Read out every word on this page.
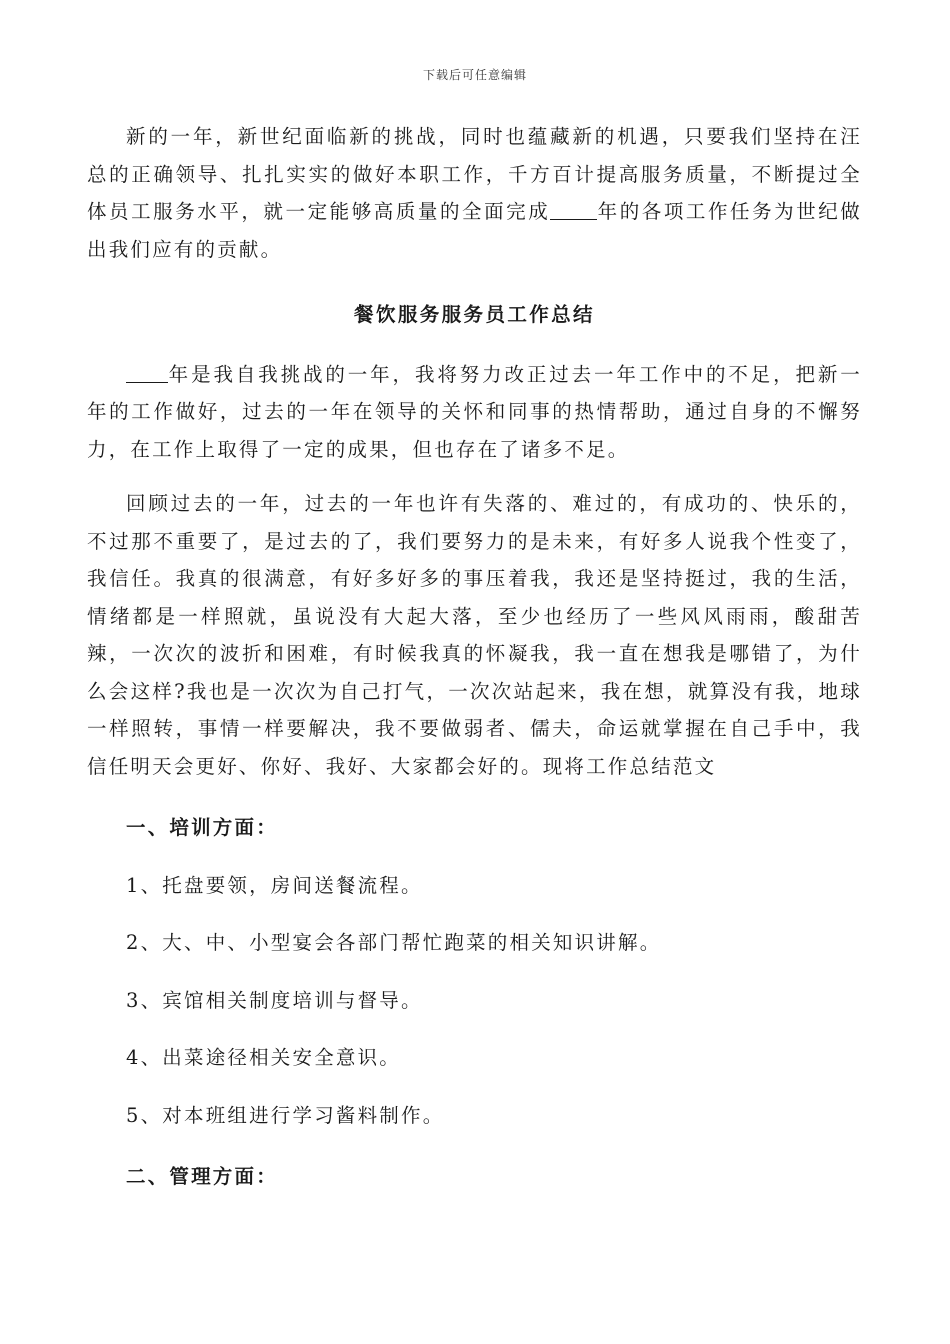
下载后可任意编辑

新的一年，新世纪面临新的挑战，同时也蕴藏新的机遇，只要我们坚持在汪总的正确领导、扎扎实实的做好本职工作，千方百计提高服务质量，不断提过全体员工服务水平，就一定能够高质量的全面完成 年的各项工作任务为世纪做出我们应有的贡献。

餐饮服务服务员工作总结

年是我自我挑战的一年，我将努力改正过去一年工作中的不足，把新一年的工作做好，过去的一年在领导的关怀和同事的热情帮助，通过自身的不懈努力，在工作上取得了一定的成果，但也存在了诸多不足。

回顾过去的一年，过去的一年也许有失落的、难过的，有成功的、快乐的，不过那不重要了，是过去的了，我们要努力的是未来，有好多人说我个性变了，我信任。我真的很满意，有好多好多的事压着我，我还是坚持挺过，我的生活，情绪都是一样照就，虽说没有大起大落，至少也经历了一些风风雨雨，酸甜苦辣，一次次的波折和困难，有时候我真的怀凝我，我一直在想我是哪错了，为什么会这样?我也是一次次为自己打气，一次次站起来，我在想，就算没有我，地球一样照转，事情一样要解决，我不要做弱者、儒夫，命运就掌握在自己手中，我信任明天会更好、你好、我好、大家都会好的。现将工作总结范文

一、培训方面：

1、托盘要领，房间送餐流程。

2、大、中、小型宴会各部门帮忙跑菜的相关知识讲解。

3、宾馆相关制度培训与督导。

4、出菜途径相关安全意识。

5、对本班组进行学习酱料制作。

二、管理方面：
